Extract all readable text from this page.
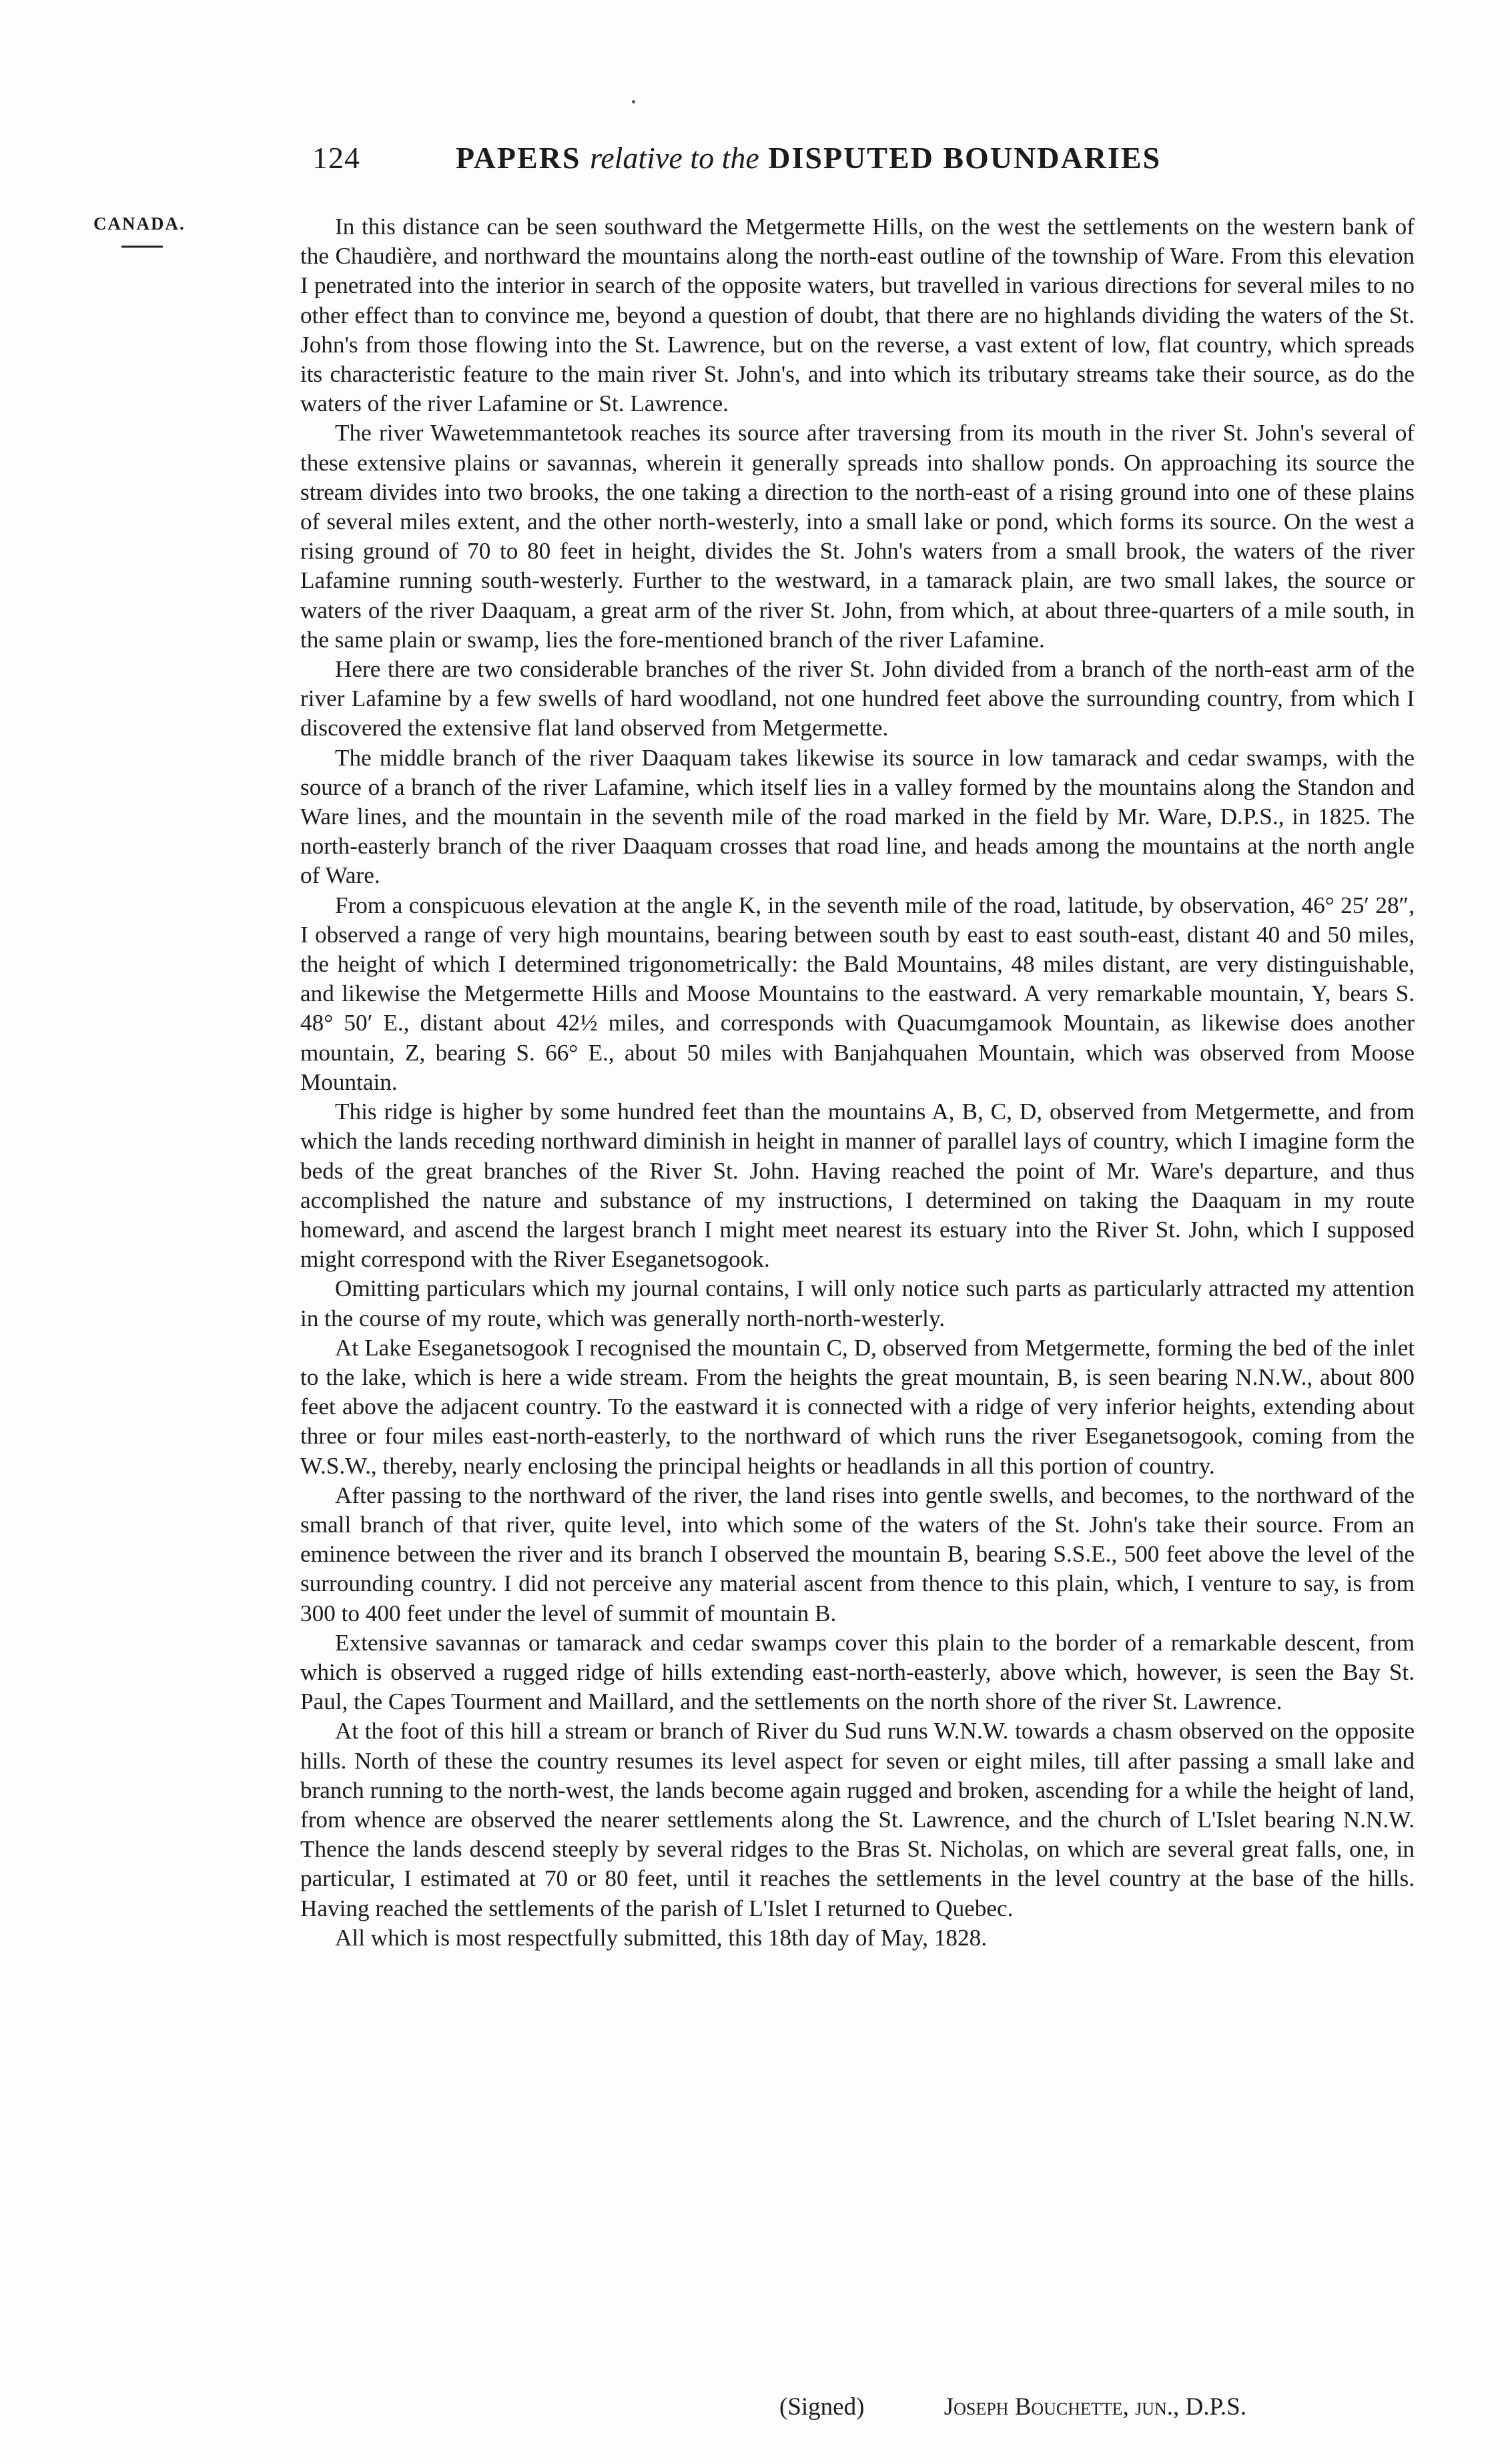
124	PAPERS relative to the DISPUTED BOUNDARIES
CANADA.	In this distance can be seen southward the Metgermette Hills, on the west the settlements on the western bank of the Chaudière, and northward the mountains along the north-east outline of the township of Ware. From this elevation I penetrated into the interior in search of the opposite waters, but travelled in various directions for several miles to no other effect than to convince me, beyond a question of doubt, that there are no highlands dividing the waters of the St. John's from those flowing into the St. Lawrence, but on the reverse, a vast extent of low, flat country, which spreads its characteristic feature to the main river St. John's, and into which its tributary streams take their source, as do the waters of the river Lafamine or St. Lawrence.

The river Wawetemmantetook reaches its source after traversing from its mouth in the river St. John's several of these extensive plains or savannas, wherein it generally spreads into shallow ponds. On approaching its source the stream divides into two brooks, the one taking a direction to the north-east of a rising ground into one of these plains of several miles extent, and the other north-westerly, into a small lake or pond, which forms its source. On the west a rising ground of 70 to 80 feet in height, divides the St. John's waters from a small brook, the waters of the river Lafamine running south-westerly. Further to the westward, in a tamarack plain, are two small lakes, the source or waters of the river Daaquam, a great arm of the river St. John, from which, at about three-quarters of a mile south, in the same plain or swamp, lies the fore-mentioned branch of the river Lafamine.

Here there are two considerable branches of the river St. John divided from a branch of the north-east arm of the river Lafamine by a few swells of hard woodland, not one hundred feet above the surrounding country, from which I discovered the extensive flat land observed from Metgermette.

The middle branch of the river Daaquam takes likewise its source in low tamarack and cedar swamps, with the source of a branch of the river Lafamine, which itself lies in a valley formed by the mountains along the Standon and Ware lines, and the mountain in the seventh mile of the road marked in the field by Mr. Ware, D.P.S., in 1825. The north-easterly branch of the river Daaquam crosses that road line, and heads among the mountains at the north angle of Ware.

From a conspicuous elevation at the angle K, in the seventh mile of the road, latitude, by observation, 46° 25′ 28″, I observed a range of very high mountains, bearing between south by east to east south-east, distant 40 and 50 miles, the height of which I determined trigonometrically: the Bald Mountains, 48 miles distant, are very distinguishable, and likewise the Metgermette Hills and Moose Mountains to the eastward. A very remarkable mountain, Y, bears S. 48° 50′ E., distant about 42½ miles, and corresponds with Quacumgamook Mountain, as likewise does another mountain, Z, bearing S. 66° E., about 50 miles with Banjahquahen Mountain, which was observed from Moose Mountain.

This ridge is higher by some hundred feet than the mountains A, B, C, D, observed from Metgermette, and from which the lands receding northward diminish in height in manner of parallel lays of country, which I imagine form the beds of the great branches of the River St. John. Having reached the point of Mr. Ware's departure, and thus accomplished the nature and substance of my instructions, I determined on taking the Daaquam in my route homeward, and ascend the largest branch I might meet nearest its estuary into the River St. John, which I supposed might correspond with the River Eseganetsogook.

Omitting particulars which my journal contains, I will only notice such parts as particularly attracted my attention in the course of my route, which was generally north-north-westerly.

At Lake Eseganetsogook I recognised the mountain C, D, observed from Metgermette, forming the bed of the inlet to the lake, which is here a wide stream. From the heights the great mountain, B, is seen bearing N.N.W., about 800 feet above the adjacent country. To the eastward it is connected with a ridge of very inferior heights, extending about three or four miles east-north-easterly, to the northward of which runs the river Eseganetsogook, coming from the W.S.W., thereby, nearly enclosing the principal heights or headlands in all this portion of country.

After passing to the northward of the river, the land rises into gentle swells, and becomes, to the northward of the small branch of that river, quite level, into which some of the waters of the St. John's take their source. From an eminence between the river and its branch I observed the mountain B, bearing S.S.E., 500 feet above the level of the surrounding country. I did not perceive any material ascent from thence to this plain, which, I venture to say, is from 300 to 400 feet under the level of summit of mountain B.

Extensive savannas or tamarack and cedar swamps cover this plain to the border of a remarkable descent, from which is observed a rugged ridge of hills extending east-north-easterly, above which, however, is seen the Bay St. Paul, the Capes Tourment and Maillard, and the settlements on the north shore of the river St. Lawrence.

At the foot of this hill a stream or branch of River du Sud runs W.N.W. towards a chasm observed on the opposite hills. North of these the country resumes its level aspect for seven or eight miles, till after passing a small lake and branch running to the north-west, the lands become again rugged and broken, ascending for a while the height of land, from whence are observed the nearer settlements along the St. Lawrence, and the church of L'Islet bearing N.N.W. Thence the lands descend steeply by several ridges to the Bras St. Nicholas, on which are several great falls, one, in particular, I estimated at 70 or 80 feet, until it reaches the settlements in the level country at the base of the hills. Having reached the settlements of the parish of L'Islet I returned to Quebec.

All which is most respectfully submitted, this 18th day of May, 1828.

(Signed)	Joseph Bouchette, jun., D.P.S.
